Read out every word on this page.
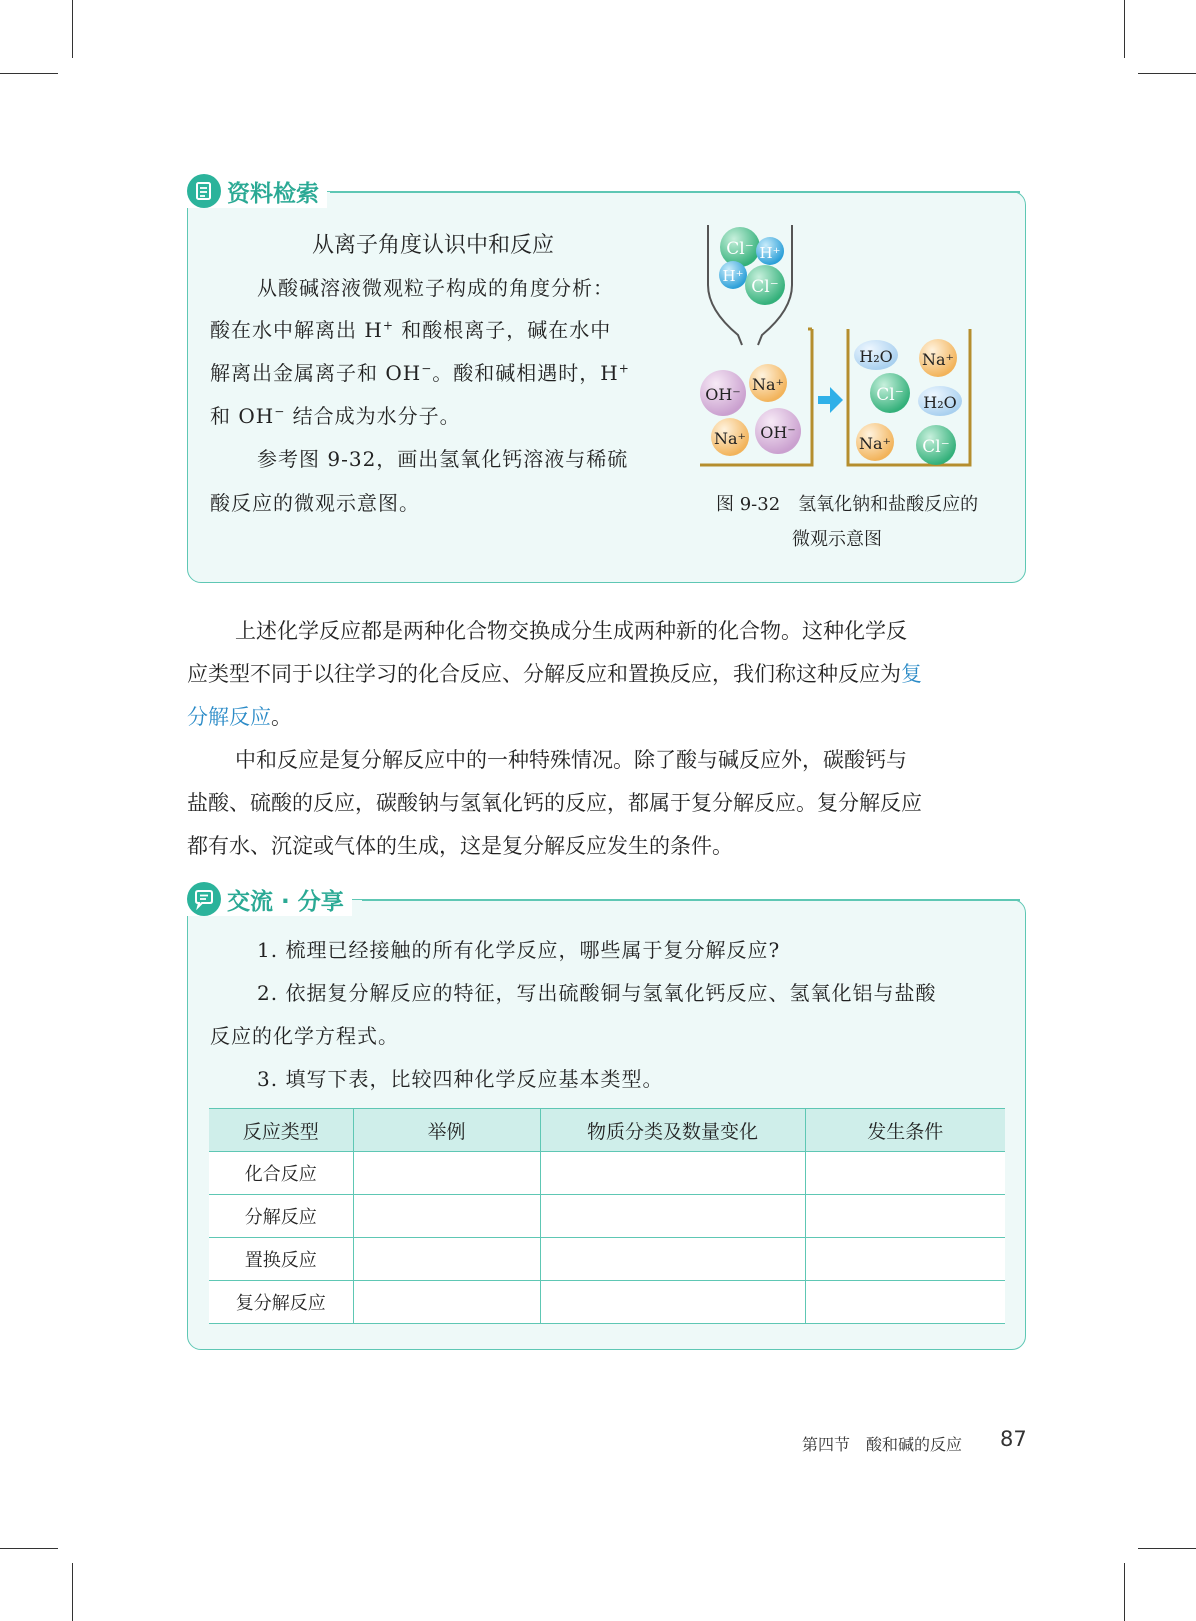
资料检索
从离子角度认识中和反应
从酸碱溶液微观粒子构成的角度分析：
酸在水中解离出 H+ 和酸根离子，碱在水中
解离出金属离子和 OH−。酸和碱相遇时，H+
和 OH− 结合成为水分子。
参考图 9-32，画出氢氧化钙溶液与稀硫
酸反应的微观示意图。
Cl⁻ H⁺
H⁺
Cl⁻
OH⁻
Na⁺
Na⁺ OH⁻
H₂O Na⁺
Cl⁻ H₂O
Na⁺ Cl⁻
图 9-32　氢氧化钠和盐酸反应的
微观示意图
上述化学反应都是两种化合物交换成分生成两种新的化合物。这种化学反
应类型不同于以往学习的化合反应、分解反应和置换反应，我们称这种反应为复
分解反应。
中和反应是复分解反应中的一种特殊情况。除了酸与碱反应外，碳酸钙与
盐酸、硫酸的反应，碳酸钠与氢氧化钙的反应，都属于复分解反应。复分解反应
都有水、沉淀或气体的生成，这是复分解反应发生的条件。
交流 · 分享
1. 梳理已经接触的所有化学反应，哪些属于复分解反应?
2. 依据复分解反应的特征，写出硫酸铜与氢氧化钙反应、氢氧化铝与盐酸
反应的化学方程式。
3. 填写下表，比较四种化学反应基本类型。
反应类型	举例	物质分类及数量变化	发生条件
化合反应			
分解反应			
置换反应			
复分解反应			
第四节　酸和碱的反应 87
